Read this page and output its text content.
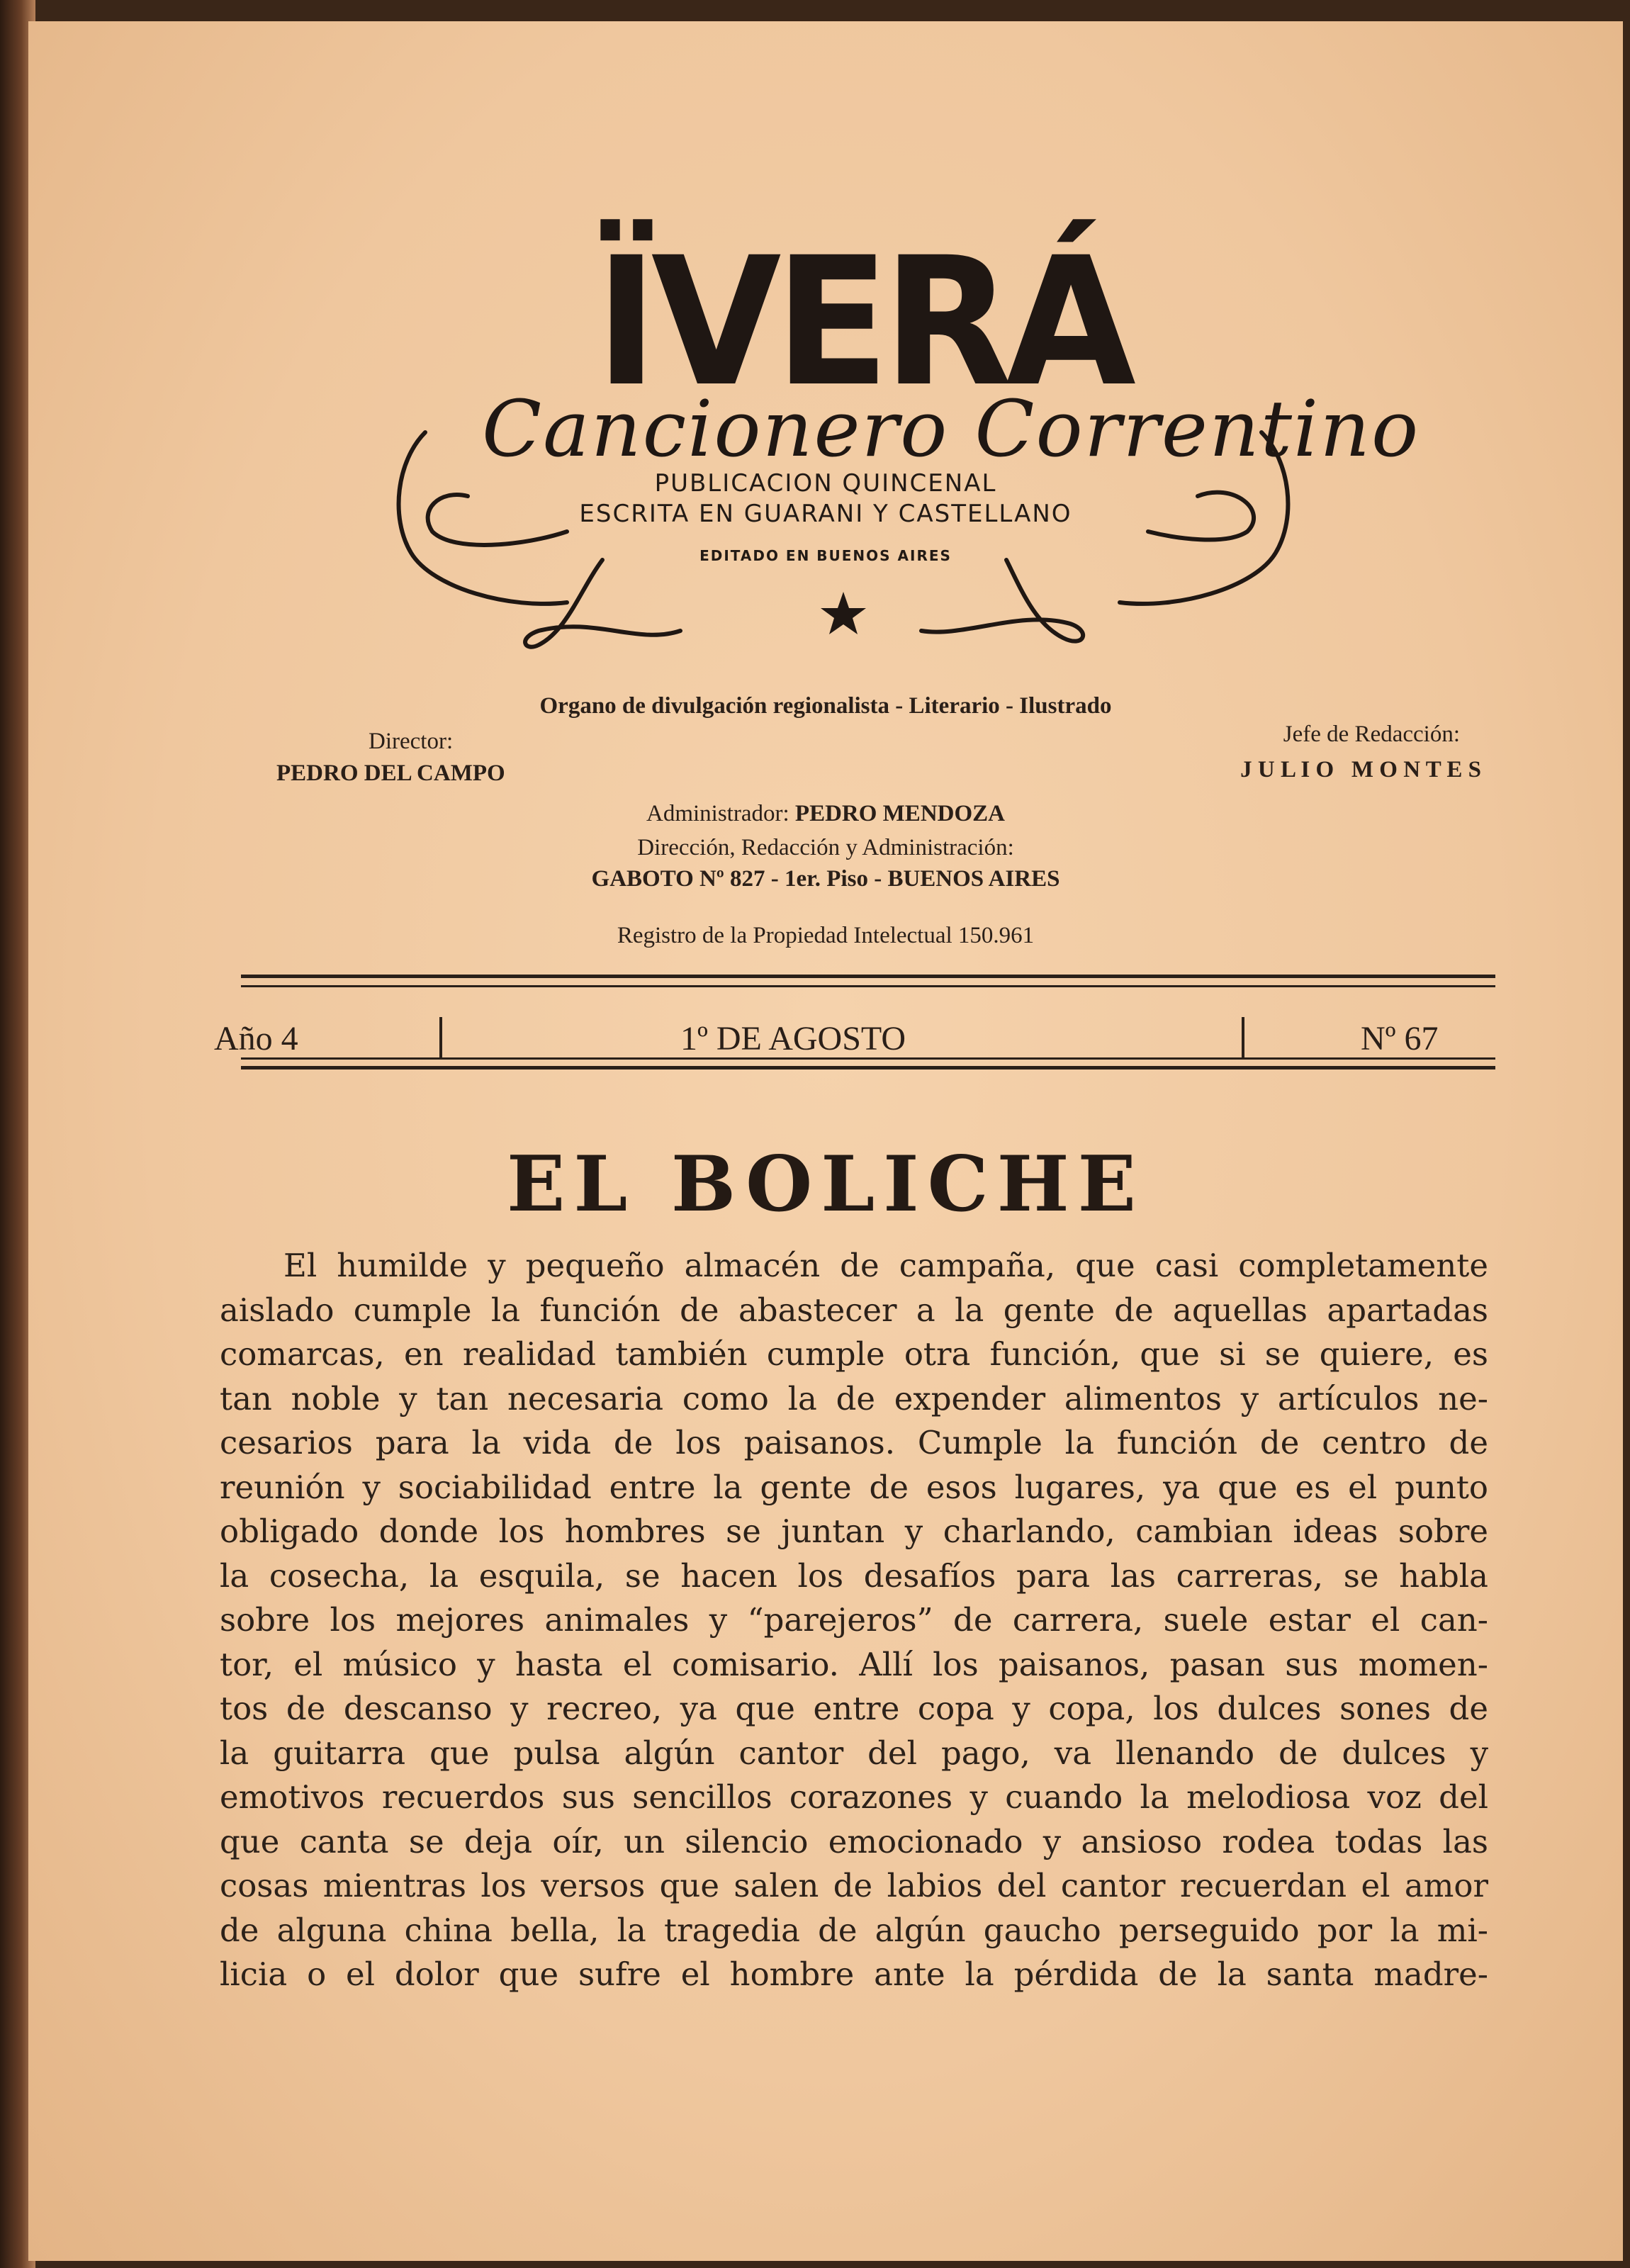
ÏVERÁ
Cancionero Correntino
PUBLICACION QUINCENAL
ESCRITA EN GUARANI Y CASTELLANO
EDITADO EN BUENOS AIRES
Organo de divulgación regionalista - Literario - Ilustrado
Director:
PEDRO DEL CAMPO
Jefe de Redacción:
J U L I O   M O N T E S
Administrador: PEDRO MENDOZA
Dirección, Redacción y Administración:
GABOTO Nº 827 - 1er. Piso - BUENOS AIRES
Registro de la Propiedad Intelectual 150.961
Año 4	1º DE AGOSTO	Nº 67
EL BOLICHE
El humilde y pequeño almacén de campaña, que casi completamente
aislado cumple la función de abastecer a la gente de aquellas apartadas
comarcas, en realidad también cumple otra función, que si se quiere, es
tan noble y tan necesaria como la de expender alimentos y artículos ne-
cesarios para la vida de los paisanos. Cumple la función de centro de
reunión y sociabilidad entre la gente de esos lugares, ya que es el punto
obligado donde los hombres se juntan y charlando, cambian ideas sobre
la cosecha, la esquila, se hacen los desafíos para las carreras, se habla
sobre los mejores animales y “parejeros” de carrera, suele estar el can-
tor, el músico y hasta el comisario. Allí los paisanos, pasan sus momen-
tos de descanso y recreo, ya que entre copa y copa, los dulces sones de
la guitarra que pulsa algún cantor del pago, va llenando de dulces y
emotivos recuerdos sus sencillos corazones y cuando la melodiosa voz del
que canta se deja oír, un silencio emocionado y ansioso rodea todas las
cosas mientras los versos que salen de labios del cantor recuerdan el amor
de alguna china bella, la tragedia de algún gaucho perseguido por la mi-
licia o el dolor que sufre el hombre ante la pérdida de la santa madre-
